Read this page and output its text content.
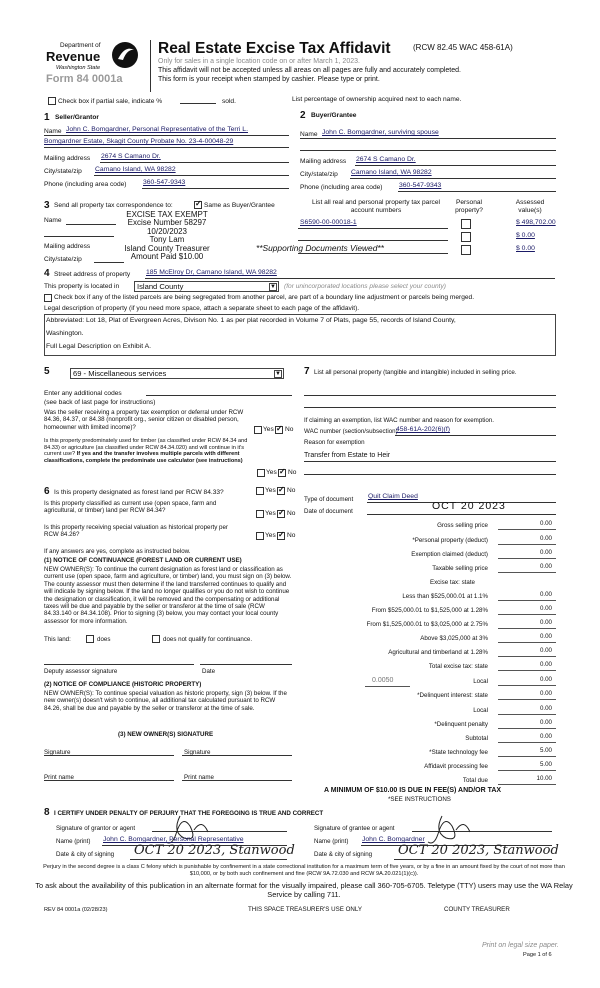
Department of
Revenue
Washington State
Form 84 0001a
Real Estate Excise Tax Affidavit	(RCW 82.45 WAC 458-61A)
Only for sales in a single location code on or after March 1, 2023.
This affidavit will not be accepted unless all areas on all pages are fully and accurately completed.
This form is your receipt when stamped by cashier. Please type or print.
Check box if partial sale, indicate %	sold.	List percentage of ownership acquired next to each name.
1 Seller/Grantor
Name John C. Bomgardner, Personal Representative of the Terri L.
Bomgardner Estate, Skagit County Probate No. 23-4-00048-29
Mailing address 2674 S Camano Dr.
City/state/zip Camano Island, WA 98282
Phone (including area code) 360-547-9343
2 Buyer/Grantee
Name John C. Bomgardner, surviving spouse
Mailing address 2674 S Camano Dr.
City/state/zip Camano Island, WA 98282
Phone (including area code) 360-547-9343
3 Send all property tax correspondence to: ✓	Same as Buyer/Grantee
Name
Mailing address
City/state/zip
EXCISE TAX EXEMPT
Excise Number 58297
10/20/2023
Tony Lam
Island County Treasurer
Amount Paid $10.00
**Supporting Documents Viewed**
List all real and personal property tax parcel account numbers
Personal property?
Assessed value(s)
S6590-00-00018-1	$ 498,702.00
$ 0.00
$ 0.00
4 Street address of property 185 McElroy Dr, Camano Island, WA 98282
This property is located in	Island County	▼ (for unincorporated locations please select your county)
Check box if any of the listed parcels are being segregated from another parcel, are part of a boundary line adjustment or parcels being merged.
Legal description of property (if you need more space, attach a separate sheet to each page of the affidavit).
Abbreviated: Lot 18, Plat of Evergreen Acres, Divison No. 1 as per plat recorded in Volume 7 of Plats, page 55, records of Island County,
Washington.
Full Legal Description on Exhibit A.
5	69 - Miscellaneous services	▼
Enter any additional codes
(see back of last page for instructions)
Was the seller receiving a property tax exemption or deferral under RCW 84.36, 84.37, or 84.38 (nonprofit org., senior citizen or disabled person, homeowner with limited income)?	Yes ✓ No
Is this property predominately used for timber (as classified under RCW 84.34 and 84.33) or agriculture (as classified under RCW 84.34.020) and will continue in it's current use? If yes and the transfer involves multiple parcels with different classifications, complete the predominate use calculator (see instructions)
Yes ✓ No
6 Is this property designated as forest land per RCW 84.33?	Yes ✓ No
Is this property classified as current use (open space, farm and agricultural, or timber) land per RCW 84.34?	Yes ✓ No
Is this property receiving special valuation as historical property per RCW 84.26?	Yes ✓ No
If any answers are yes, complete as instructed below.
(1) NOTICE OF CONTINUANCE (FOREST LAND OR CURRENT USE)
NEW OWNER(S): To continue the current designation as forest land or classification as current use (open space, farm and agriculture, or timber) land, you must sign on (3) below. The county assessor must then determine if the land transferred continues to qualify and will indicate by signing below. If the land no longer qualifies or you do not wish to continue the designation or classification, it will be removed and the compensating or additional taxes will be due and payable by the seller or transferor at the time of sale (RCW 84.33.140 or 84.34.108). Prior to signing (3) below, you may contact your local county assessor for more information.
This land:	does	does not qualify for continuance.
Deputy assessor signature	Date
(2) NOTICE OF COMPLIANCE (HISTORIC PROPERTY)
NEW OWNER(S): To continue special valuation as historic property, sign (3) below. If the new owner(s) doesn't wish to continue, all additional tax calculated pursuant to RCW 84.26, shall be due and payable by the seller or transferor at the time of sale.
(3) NEW OWNER(S) SIGNATURE
Signature	Signature
Print name	Print name
7 List all personal property (tangible and intangible) included in selling price.
If claiming an exemption, list WAC number and reason for exemption.
WAC number (section/subsection)
458-61A-202(6)(f)
Reason for exemption
Transfer from Estate to Heir
Type of document Quit Claim Deed
Date of document	OCT 20 2023
Gross selling price	0.00
*Personal property (deduct)	0.00
Exemption claimed (deduct)	0.00
Taxable selling price	0.00
Excise tax: state
Less than $525,000.01 at 1.1%	0.00
From $525,000.01 to $1,525,000 at 1.28%	0.00
From $1,525,000.01 to $3,025,000 at 2.75%	0.00
Above $3,025,000 at 3%	0.00
Agricultural and timberland at 1.28%	0.00
Total excise tax: state	0.00
0.0050	Local	0.00
*Delinquent interest: state	0.00
Local	0.00
*Delinquent penalty	0.00
Subtotal	0.00
*State technology fee	5.00
Affidavit processing fee	5.00
Total due	10.00
A MINIMUM OF $10.00 IS DUE IN FEE(S) AND/OR TAX
*SEE INSTRUCTIONS
8 I CERTIFY UNDER PENALTY OF PERJURY THAT THE FOREGOING IS TRUE AND CORRECT
Signature of grantor or agent
Name (print) John C. Bomgardner, Personal Representative
Date & city of signing OCT 20 2023, Stanwood
Signature of grantee or agent
Name (print) John C. Bomgardner
Date & city of signing OCT 20 2023, Stanwood
Perjury in the second degree is a class C felony which is punishable by confinement in a state correctional institution for a maximum term of five years, or by a fine in an amount fixed by the court of not more than $10,000, or by both such confinement and fine (RCW 9A.72.030 and RCW 9A.20.021(1)(c)).
To ask about the availability of this publication in an alternate format for the visually impaired, please call 360-705-6705. Teletype (TTY) users may use the WA Relay Service by calling 711.
REV 84 0001a (02/28/23)	THIS SPACE TREASURER'S USE ONLY	COUNTY TREASURER
Print on legal size paper.
Page 1 of 6
